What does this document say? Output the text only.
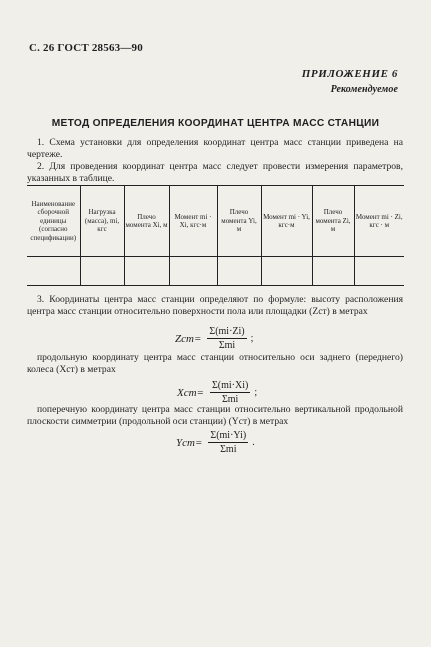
С. 26 ГОСТ 28563—90
ПРИЛОЖЕНИЕ 6
Рекомендуемое
МЕТОД ОПРЕДЕЛЕНИЯ КООРДИНАТ ЦЕНТРА МАСС СТАНЦИИ
1. Схема установки для определения координат центра масс станции приведена на чертеже.
2. Для проведения координат центра масс следует провести измерения параметров, указанных в таблице.
Наименование сборочной единицы (согласно спецификации)	Нагрузка (масса), mi, кгс	Плечо момента Xi, м	Момент mi · Xi, кгс·м	Плечо момента Yi, м	Момент mi · Yi, кгс·м	Плечо момента Zi, м	Момент mi · Zi, кгс · м

3. Координаты центра масс станции определяют по формуле: высоту расположения центра масс станции относительно поверхности пола или площадки (Zст) в метрах
$Zст= \frac{\Sigma(mi\cdot Zi)}{\text{Σmi}}$ ;
продольную координату центра масс станции относительно оси заднего (переднего) колеса (Xст) в метрах
$Xст= \frac{\Sigma(mi\cdot Xi)}{\text{Σmi}}$ ;
поперечную координату центра масс станции относительно вертикальной продольной плоскости симметрии (продольной оси станции) (Yст) в метрах
$Yст= \frac{\Sigma(mi\cdot Yi)}{\text{Σmi}}$ .
